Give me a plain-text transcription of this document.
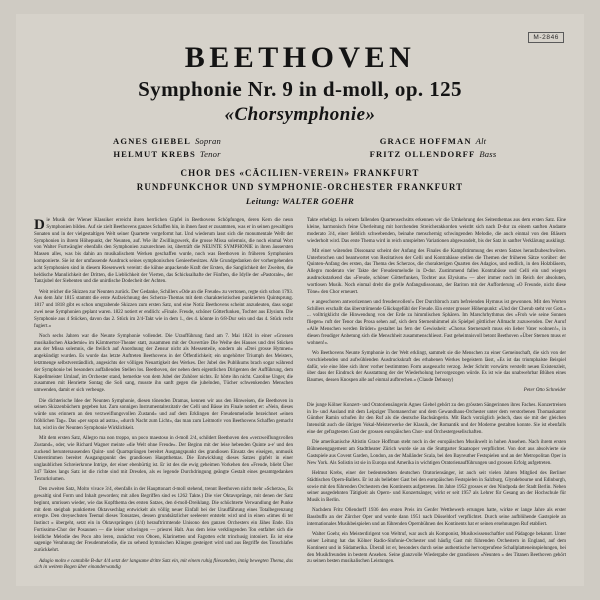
M-2846
BEETHOVEN
Symphonie Nr. 9 in d-moll, op. 125
«Chorsymphonie»
AGNES GIEBEL Sopran	GRACE HOFFMAN Alt
HELMUT KREBS Tenor	FRITZ OLLENDORFF Bass
CHOR DES «CÄCILIEN-VEREIN» FRANKFURT
RUNDFUNKCHOR UND SYMPHONIE-ORCHESTER FRANKFURT
Leitung: WALTER GOEHR

Die Musik der Wiener Klassiker erreicht ihren herrlichen Gipfel in Beethovens Schöpfungen, deren Kern die neun Symphonien bilden. Auf sie zielt Beethovens ganzes Schaffen hin, in ihnen fasst er zusammen, was er in seinen gewaltigen Sonaten und in der vielgestaltigen Welt seiner Quartette vorgeformt hat. Und wiederum lasst sich die monumentale Wellt der Symphonien in ihrem Höhepunkt, der Neunten, auf. Wie ihr Zwillingswerk, die grosse Missa solemnis, die noch einmal Wort von Walter Furtwängler ebenfalls den Symphonien zuzurechnen ist, überträft die NEUNTE SYMPHONIE in ihren äussersten Massen alles, was bis dahin an musikalischem Werken geschaffen wurde, noch was Beethoven in früheren Symphonien komponierte. Sie ist der umfassende Ausdruck seines symphonischen Genieerbesitzes. Alle Grundgedanken der vorhergehenden acht Symphonien sind in diesem Riesenwerk vereint: die kühne anpackende Kraft der Ersten, die Sanglichkeit der Zweiten, die heldische Mannlichkeit der Dritten, die Lieblichkeit der Vierten, das Schicksalhafte der Fünften, die Idylle der «Pastorale», der Tanzjubel der Siebenten und die unirdische Dodecheit der Achten.

Weit reicher die Skizzen zur Neunten zurück. Der Gedanke, Schillers «Ode an die Freude» zu vertonen, regte sich schon 1793. Aus dem Jahr 1815 stammt die erste Aufzeichnung des Scherzo-Themas mit dem charakteristischen punktierten Quintsprung. 1817 und 1818 gibt es schon umgrabende Skizzen zum ersten Satz, und eine Notiz Beethovens scheint anzudeuten, dass sogar zwei neue Symphonien geplant waren. 1822 notiert er endlich: «Finale. Freude, schöner Götterfunken, Tochter aus Elysium. Die Symphonie aus 4 Stücken, davon das 2. Stück im 2/4-Takt wie in dem 1., des 4. könnte in 6/8-Dur sein und das 4. Stück recht fugiert.»

Noch sechs Jahren war die Neunte Symphonie vollendet. Die Uraufführung fand am 7. Mai 1824 in einer «Grossen musikalischen Akademie» im Kärntnertor-Theater statt, zusammen mit der Ouvertüre Die Weihe des Hauses und drei Stücken aus der Missa solemnis, die freilich auf Anordnung der Zensur nicht als Messenteile, sondern als «Drei grosse Hymnen» angekündigt wurden. Es wurde das letzte Auftreten Beethovens in der Öffentlichkeit; ein ungehörter Triumph des Meisters, letztmenge selbstverständlich, angesichts der völligen Neuartigkeit des Werkes. Der Jubel des Publikums brach sogar während der Symphonie bei besonders auffallenden Stellen los. Beethoven, der neben dem eigentlichen Dirigenten der Aufführung, dem Kapellmeister Umlauf, im Orchester stand, bemerkte von dem Jubel der Zuhörer nichts. Er hörte ihn nicht. Caroline Unger, die zusammen mit Henriette Sontag die Soli sang, musste ihn sanft gegen die jubelnden, Tücher schwenkenden Menschen umwenden, damit er sich verbeuge.

Die dichterische Idee der Neunten Symphonie, diesen tönenden Dramas, kennen wir aus den Hinweisen, die Beethoven in seinen Skizzenbüchern gegeben hat. Zum sonnigen Instrumentalrezitativ der Celli und Bässe im Finale notiert er: «Nein, dieses würde uns erinnern an den verzweiflungsvollen Zustand» und auf dem Erklingen der Freudenmelodie bezeichnet «einen fröhlichen Tag». Das «per sopra ad astra», «durch Nacht zum Licht», das man zum Leitmotiv von Beethovens Schaffen gemacht hat, wird in der Neunten Symphonie Wirklichkeit.

Mit dem ersten Satz, Allegro ma non troppo, un poco maestoso in d-moll 2/4, schildert Beethoven den «verzweiflungsvollen Zustand», oder, wie Richard Wagner meinte «die Welt ohne Freude». Der Beginn mit der leise hebenden Quinte a-e' und den zuckend heruntersausenden Quint- und Quartsprüngen bereitet Ausgangspunkt des grandiosen Einsatz des eiseigen, unmusik Unterstimmen bereitet Ausgangspunkt des grandiosen Hauptthemas. Die Entwicklung dieses Satzes gipfelt in einer unglaublichen Schreierkrone Intrige, der einer ebenbürtig ist. Er ist des die ewig geheimen Vorkehen den «Freude, bliebt Über 347 Taktes langs Satz ist die richte sind mit Dresden, als es legende Durchdringung geängte Gestalt eines gesamtgedanken Texturkriumen.

Den zweiten Satz, Molto vivace 3/4, ebenfalls in der Haupttonart d-moll stehend, trennt Beethoven nicht mehr «Scherzo», Es gewaltig sind Form und Inhalt geworden; mit allen Begriffen sind es 1262 Takte.) Die vier Oktavsprünge, mit denen der Satz beginnt, umrissen wieder, wie das Kopfthema des ersten Satzes, den d-moll-Dreiklang. Die schüchterte Verwandlung der Punke mit dem steigbah punktierten Oktavsechlag entwickelt als völlig neuer Einfall bei der Urauffährung eines Totalbegrenzung erregte. Den dreysechsten Teemal dieses Tonsatzes, dessen grundsätzlicher seeleerer entsteht wird und in einen «times di ter Instinct » übergeht, setzt ein in Oktavsprüngen (4/4) herauftrirmtende Unisono den ganzen Orchesters ein Jähes Ende. Ein Fortissimo-Chor der Posaunen — die leiser schwingen — priesrei Halt. Aus dem leise verklingenden Ton entfaltet sich die leidliche Melodie des Poco alto leren, zunächst von Oboen, Klarinetten und Fagotten echt trinchusig intoniert. Es ist eine sagenige Verahnung der Freudenmelodie, die zu sehend hymnischen Klingen gesteigert wird und aus Begriffe des Tonschlafes zurückkehrt.

Adagio molto e cantabile B-dur 4/4 setzt der langsame dritte Satz ein, mit einem ruhig fliessenden, innig bewegten Thema, das sich in weitem Bogen über einanderwandig

Takte erhebigt. In seinem fallenden Quartensechsitts erkennen wir die Umkehrung des Seitenthemas aus dem ersten Satz. Eine kleine, harmonisch feine Überleitung mit horchenden Streicherakkorden weistbt sich nach D-dur zu einem sanften Andante moderato 3/4, einer lieblich schwebenden, beinahe menschernig schwingenden Melodie, die auch einmal von den Bläsern wiederholt wird. Das erste Thema wird in reich umspielten Variationen abgewandelt, bis der Satz in sanfter Verklärung ausklingt.

Mit einer wütenden Dissonanz scheint der Anfang des Finales die Kampfstimmung des ersten Satzes heraufzubeschwören. Unterbrochen und beantwortet von Rezitativen der Celli und Kontrabässe stellen die Themen der früheren Sätze vorüber: der Quinten-Anfang des ersten, das Thema des Scherzos, die chorakterigen Quarten des Adagios, und endlich, in den Holzbläsern, Allegro moderato vier Takte der Freudenmelodie in D-dur. Zustimmend fallen Kontrabässe und Celli ein und wiegen ausdruckstarkend das «Freude, schöner Götterfunken, Tochter aus Elysium» — aber immer noch im Reich der absoluten, wortlosen Musik. Noch einmal dreht die grelle Anfangsdissonanz, der Bariton mit der Aufforderung «O Freunde, nicht diese Töne» den Chor erneuert.

e angeschoren antworizennen und freudenvollen!» Der Durchbruch zum befreienden Hymnus ist gewonnen. Mit den Worten Schillers erschallt das überströmende Glücksgefühl der Freude. Ein erster grosser Höhenpunkt: «Und der Cherub steht vor Gott.» ... volltrigklicht die Hinwendung von der Erde zu himmlischen Sphären. Im Marschrhythmus des «Froh wie seine Sonnen fliegen» ruft der Tenor das Prosa sehen auf, sich dem Sternenhimmel als Spielpel göttlicher Allmacht zuzuwenden. Der Auruf «Alle Menschen werden Brüder» gestaltet las fern der Gewissheit: «Chorus Sternenzelt muss ein lieber Vater wohnen!», in diesen freudiger Anbetung sich die Menschheit zusammenschliesst. Fast geheimnisvoll betont Beethoven «Über Sternen muss er wohnen!».

Wo Beethovens Neunte Symphonie in der Welt erklingt, sammelt sie die Menschen zu einer Gemeinschaft, die sich von der vorschiebenden und aufwühlenden Ausdruckskraft des erhabenen Werkes begeistern lässt, «Es ist das triumphalste Beispiel dafür, wie eine Idee sich ihrer vorher bestimmten Form ausgesucht verzog. Jeder Schritt vorwärts verstellt neuen Existenzleit, über dass der Eindruck der Ausstattung der der Wiederholung hervorgezogen würde. Es ist wie das unabwehrbar Blühen eines Baumes, dessen Knospen alle auf einmal aufbrechen.» (Claude Debussy)

Peter Otto Schneider

Die junge Kölner Konzert- und Oratoriensängerin Agnes Giebel gehört zu den grössten Sängerinnen ihres Faches. Konzertreisen in In- und Ausland mit dem Leipziger Thomanerchor und dem Gewandhaus-Orchester unter dem verstorbenen Thomaskantor Günther Ramin schufen ihr den Ruf als die deutsche Bachsängerin. Mit Bach vorzüglich jedoch, dass sie mit der gleichen Intensität auch die übrigen Vokal-Meisterwerke der Klassik, der Romantik und der Moderne gestalten konnte. Sie ist ebenfalls eine der gefragtesten Gast der grossen europäischen Chor- und Orchestergesellschaften.

Die amerikanische Altistin Grace Hoffman steht noch in der europäischen Musikwelt in hohen Ansehen. Nach ihrem ersten Bühnenengagement am Stadttheater Zürich wurde sie an die Stuttgarter Staatsoper verpflichtet. Von dort aus absolvierte sie Gastspiele aus Covent Garden, London, an der Mailänder Scala, bei den Bayreuther Festspielen und an der Metropolitan Oper in New York. Als Solistin ist sie in Europa und Amerika in wichtigen Oratorienaufführungen und grossen Erfolg aufgetreten.

Helmut Krebs, einer der bedeutendsten deutschen Oratoriensänger, ist auch seit vielen Jahren Mitglied des Berliner Städtischen Opern-Ballets. Er ist als beliebter Gast bei den europäischen Festspielen in Salzburg, Glyndebourne und Edinburgh, sowie mit den führenden Orchestern den Kontinents aufgetreten. Im Jahre 1952 grosses er den Nindpoda der Stadt Berlin. Neben seiner ausgedehnten Tätigkeit als Opern- und Konzertsänger, wirkt er seit 1957 als Lehrer für Gesang an der Hochschule für Musik in Berlin.

Nachdem Fritz Ollendorff 1936 den ersten Preis im Genfer Wettbewerb errungen hatte, wirkte er lange Jahre als erster Bassbuffo an der Zürcher Oper und wurde dann 1951 nach Düsseldorf verpflichtet. Durch seine aufblühende Gastspiele an internationales Musikbeispielen und an führenden Opernbühnen des Kontinents hat er seinen ersehnungen Ruf etabliert.

Walter Goehr, ein Meisterdirigent von Weltruf, war auch als Komponist, Musikwissenschaftler und Pädagoge bekannt. Unter seiner Leitung hat das Kölner Radio-Sinfonie-Orchester und häufig Gast mit führenden Orchestern in England, auf dem Kontinent und in Südamerika. Überall ist er, besonders durch seine authentische hervorgerufene Schallplatteneinspielungen, bei den Musikfreunden in bestem Ansehen. Seine glanzvolle Wiedergabe der grandiosen «Neunten » des Titanen Beethoven gehört zu seinen besten musikalischen Leistungen.
